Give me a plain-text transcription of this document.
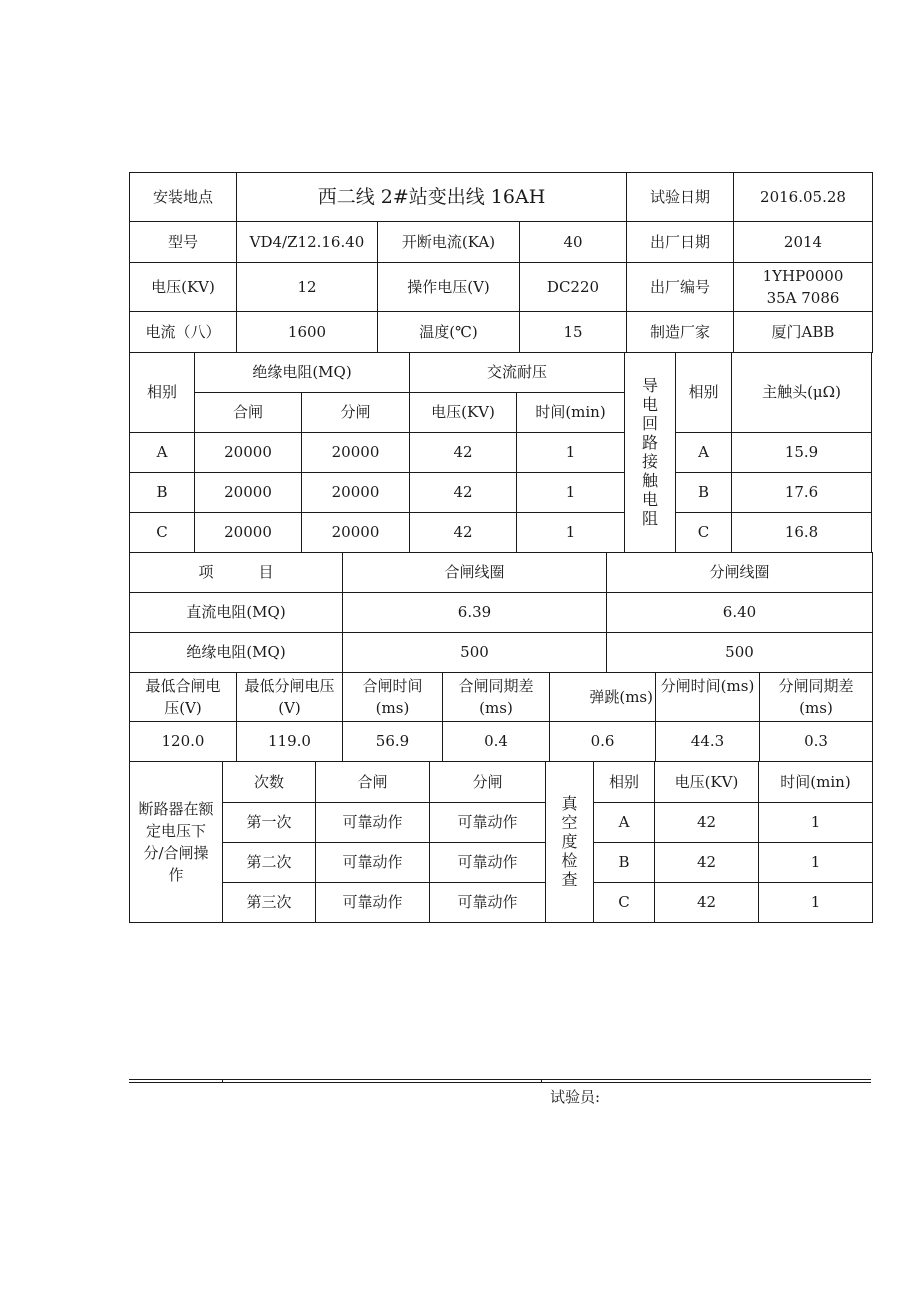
安装地点	西二线 2#站变出线 16AH			试验日期	2016.05.28
型号	VD4/Z12.16.40	开断电流(KA)	40	出厂日期	2014
电压(KV)	12	操作电压(V)	DC220	出厂编号	1YHP000035A 7086
电流（八）	1600	温度(℃)	15	制造厂家	厦门ABB
相别	绝缘电阻(MQ)		交流耐压		导电回路接触电阻	相别	主触头(μΩ)
	合闸	分闸	电压(KV)	时间(min)			
A	20000	20000	42	1		A	15.9
B	20000	20000	42	1		B	17.6
C	20000	20000	42	1		C	16.8
项　　　目	合闸线圈	分闸线圈
直流电阻(MQ)	6.39	6.40
绝缘电阻(MQ)	500	500
最低合闸电压(V)	最低分闸电压(V)	合闸时间(ms)	合闸同期差(ms)	弹跳(ms)	分闸时间(ms)	分闸同期差(ms)

120.0	119.0	56.9	0.4	0.6	44.3	0.3
断路器在额定电压下分/合闸操作	次数	合闸	分闸	真空度检查	相别	电压(KV)	时间(min)
	第一次	可靠动作	可靠动作		A	42	1
	第二次	可靠动作	可靠动作		B	42	1
	第三次	可靠动作	可靠动作		C	42	1
试验员:
